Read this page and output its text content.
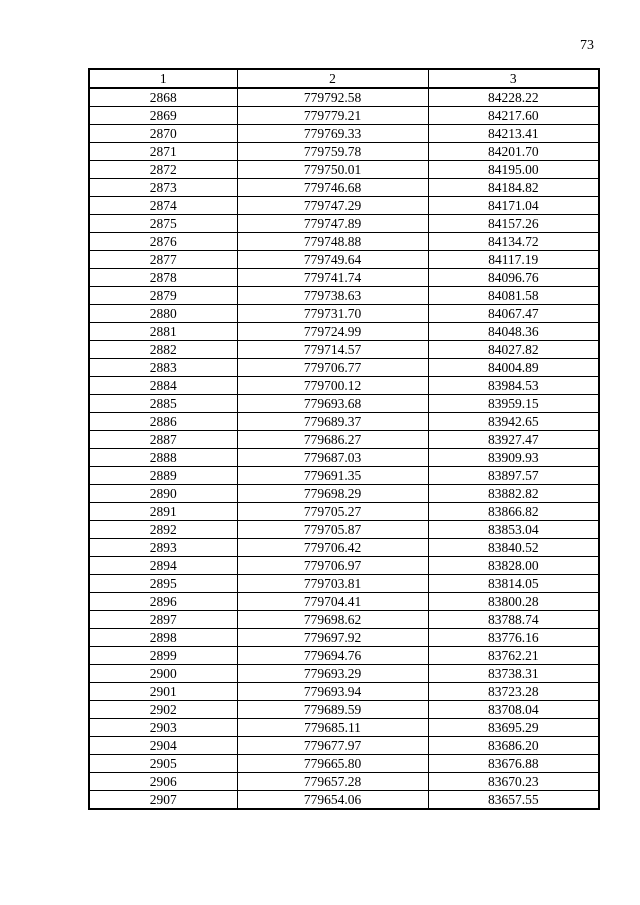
73
1	2	3
2868	779792.58	84228.22
2869	779779.21	84217.60
2870	779769.33	84213.41
2871	779759.78	84201.70
2872	779750.01	84195.00
2873	779746.68	84184.82
2874	779747.29	84171.04
2875	779747.89	84157.26
2876	779748.88	84134.72
2877	779749.64	84117.19
2878	779741.74	84096.76
2879	779738.63	84081.58
2880	779731.70	84067.47
2881	779724.99	84048.36
2882	779714.57	84027.82
2883	779706.77	84004.89
2884	779700.12	83984.53
2885	779693.68	83959.15
2886	779689.37	83942.65
2887	779686.27	83927.47
2888	779687.03	83909.93
2889	779691.35	83897.57
2890	779698.29	83882.82
2891	779705.27	83866.82
2892	779705.87	83853.04
2893	779706.42	83840.52
2894	779706.97	83828.00
2895	779703.81	83814.05
2896	779704.41	83800.28
2897	779698.62	83788.74
2898	779697.92	83776.16
2899	779694.76	83762.21
2900	779693.29	83738.31
2901	779693.94	83723.28
2902	779689.59	83708.04
2903	779685.11	83695.29
2904	779677.97	83686.20
2905	779665.80	83676.88
2906	779657.28	83670.23
2907	779654.06	83657.55
